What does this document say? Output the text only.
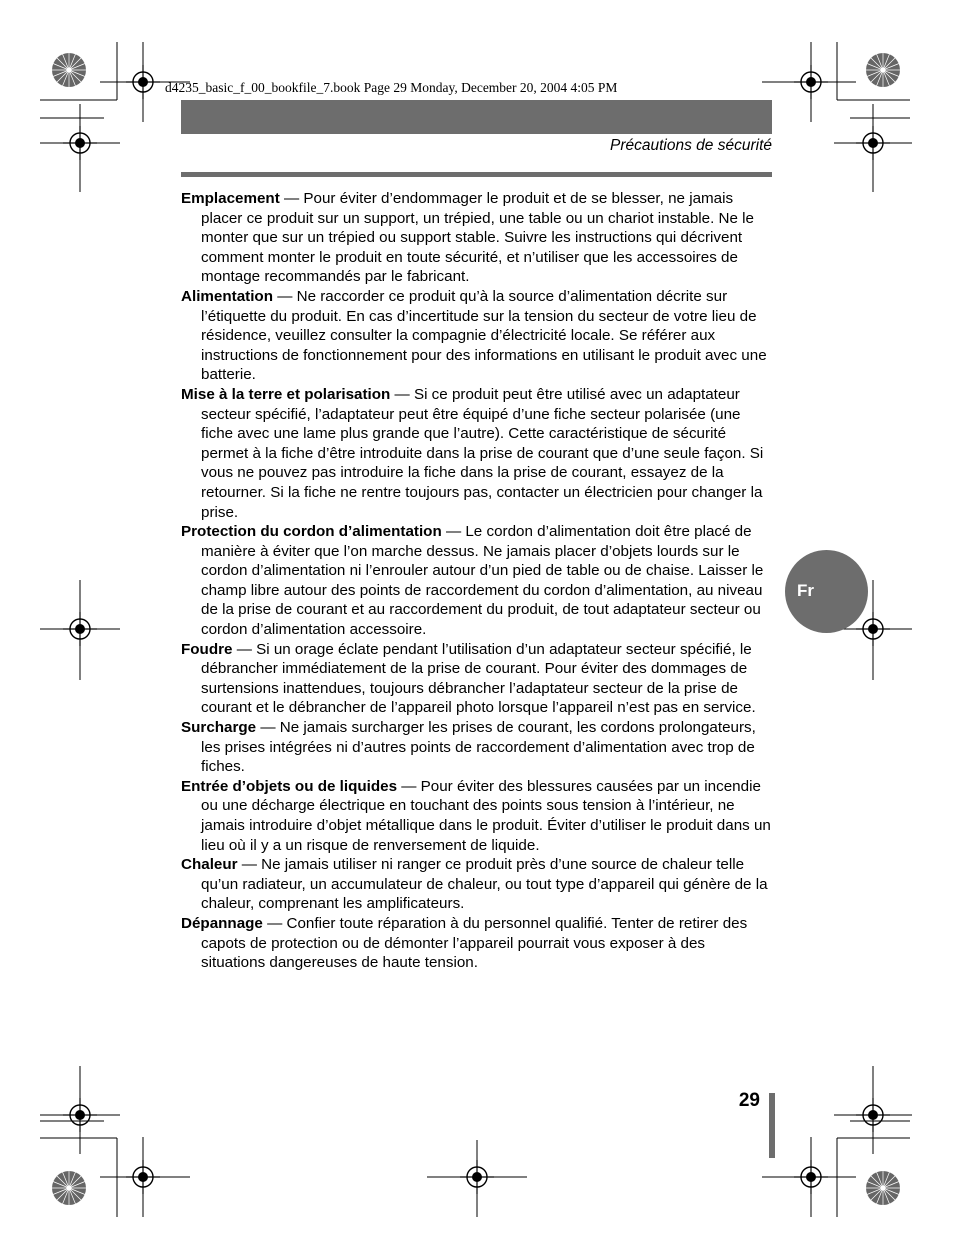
d4235_basic_f_00_bookfile_7.book Page 29 Monday, December 20, 2004 4:05 PM
Précautions de sécurité

Emplacement — Pour éviter d’endommager le produit et de se blesser, ne jamais placer ce produit sur un support, un trépied, une table ou un chariot instable. Ne le monter que sur un trépied ou support stable. Suivre les instructions qui décrivent comment monter le produit en toute sécurité, et n’utiliser que les accessoires de montage recommandés par le fabricant.

Alimentation — Ne raccorder ce produit qu’à la source d’alimentation décrite sur l’étiquette du produit. En cas d’incertitude sur la tension du secteur de votre lieu de résidence, veuillez consulter la compagnie d’électricité locale. Se référer aux instructions de fonctionnement pour des informations en utilisant le produit avec une batterie.

Mise à la terre et polarisation — Si ce produit peut être utilisé avec un adaptateur secteur spécifié, l’adaptateur peut être équipé d’une fiche secteur polarisée (une fiche avec une lame plus grande que l’autre). Cette caractéristique de sécurité permet à la fiche d’être introduite dans la prise de courant que d’une seule façon. Si vous ne pouvez pas introduire la fiche dans la prise de courant, essayez de la retourner. Si la fiche ne rentre toujours pas, contacter un électricien pour changer la prise.

Protection du cordon d’alimentation — Le cordon d’alimentation doit être placé de manière à éviter que l’on marche dessus. Ne jamais placer d’objets lourds sur le cordon d’alimentation ni l’enrouler autour d’un pied de table ou de chaise. Laisser le champ libre autour des points de raccordement du cordon d’alimentation, au niveau de la prise de courant et au raccordement du produit, de tout adaptateur secteur ou cordon d’alimentation accessoire.

Foudre — Si un orage éclate pendant l’utilisation d’un adaptateur secteur spécifié, le débrancher immédiatement de la prise de courant. Pour éviter des dommages de surtensions inattendues, toujours débrancher l’adaptateur secteur de la prise de courant et le débrancher de l’appareil photo lorsque l’appareil n’est pas en service.

Surcharge — Ne jamais surcharger les prises de courant, les cordons prolongateurs, les prises intégrées ni d’autres points de raccordement d’alimentation avec trop de fiches.

Entrée d’objets ou de liquides — Pour éviter des blessures causées par un incendie ou une décharge électrique en touchant des points sous tension à l’intérieur, ne jamais introduire d’objet métallique dans le produit. Éviter d’utiliser le produit dans un lieu où il y a un risque de renversement de liquide.

Chaleur — Ne jamais utiliser ni ranger ce produit près d’une source de chaleur telle qu’un radiateur, un accumulateur de chaleur, ou tout type d’appareil qui génère de la chaleur, comprenant les amplificateurs.

Dépannage — Confier toute réparation à du personnel qualifié. Tenter de retirer des capots de protection ou de démonter l’appareil pourrait vous exposer à des situations dangereuses de haute tension.

Fr
29
